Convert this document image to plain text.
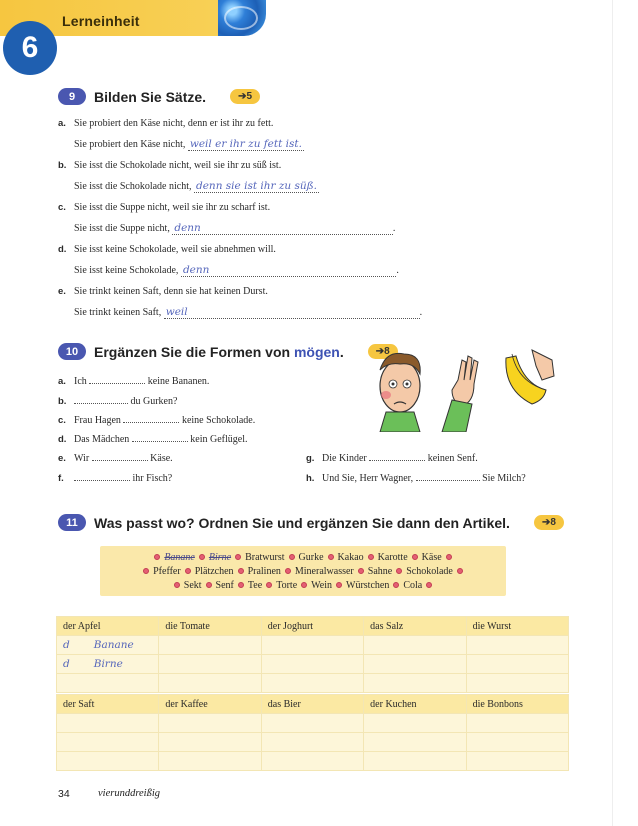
Lerneinheit
6
9	Bilden Sie Sätze.	➔5
a. Sie probiert den Käse nicht, denn er ist ihr zu fett.
Sie probiert den Käse nicht, weil er ihr zu fett ist.
b. Sie isst die Schokolade nicht, weil sie ihr zu süß ist.
Sie isst die Schokolade nicht, denn sie ist ihr zu süß.
c. Sie isst die Suppe nicht, weil sie ihr zu scharf ist.
Sie isst die Suppe nicht, denn	.
d. Sie isst keine Schokolade, weil sie abnehmen will.
Sie isst keine Schokolade, denn	.
e. Sie trinkt keinen Saft, denn sie hat keinen Durst.
Sie trinkt keinen Saft, weil	.
10	Ergänzen Sie die Formen von mögen.	➔8
a. Ich	keine Bananen.
b.	du Gurken?
c. Frau Hagen	keine Schokolade.
d. Das Mädchen	kein Geflügel.
e. Wir	Käse.
f.	ihr Fisch?
g. Die Kinder	keinen Senf.
h. Und Sie, Herr Wagner,	Sie Milch?
11	Was passt wo? Ordnen Sie und ergänzen Sie dann den Artikel.	➔8
Banane Birne Bratwurst Gurke Kakao Karotte Käse
Pfeffer Plätzchen Pralinen Mineralwasser Sahne Schokolade
Sekt Senf Tee Torte Wein Würstchen Cola
der Apfel	die Tomate	der Joghurt	das Salz	die Wurst
d Banane				
d Birne				

der Saft	der Kaffee	das Bier	der Kuchen	die Bonbons

34	vierunddreißig
